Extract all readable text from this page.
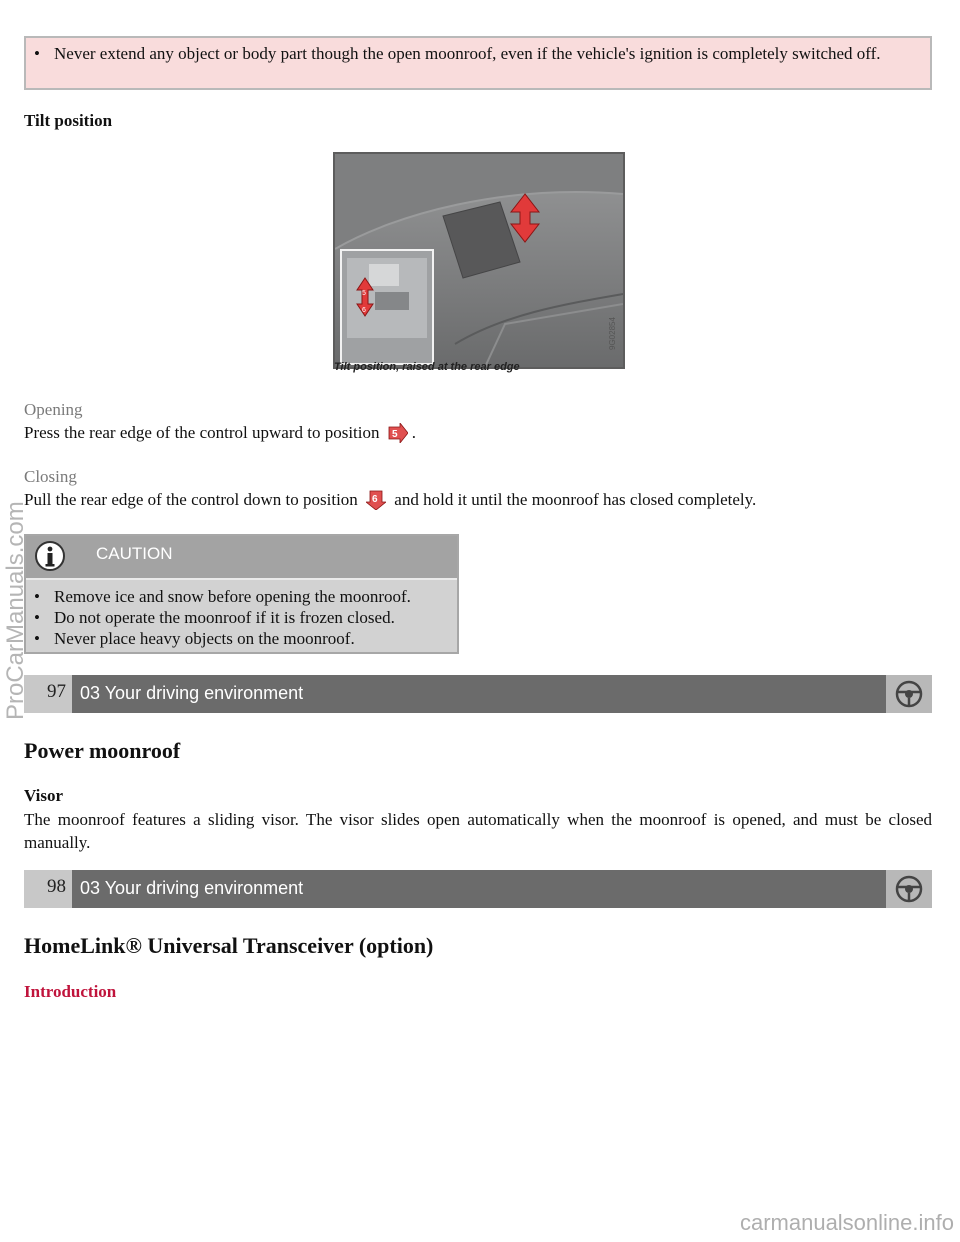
• Never extend any object or body part though the open moonroof, even if the vehicle's ignition is completely switched off.
Tilt position
5
6
9G02854
Tilt position, raised at the rear edge
Opening
Press the rear edge of the control upward to position 5 .
Closing
Pull the rear edge of the control down to position 6 and hold it until the moonroof has closed completely.
CAUTION
• Remove ice and snow before opening the moonroof.
• Do not operate the moonroof if it is frozen closed.
• Never place heavy objects on the moonroof.
97 03 Your driving environment
Power moonroof
Visor
The moonroof features a sliding visor. The visor slides open automatically when the moonroof is opened, and must be closed manually.
98 03 Your driving environment
HomeLink® Universal Transceiver (option)
Introduction
ProCarManuals.com
carmanualsonline.info
